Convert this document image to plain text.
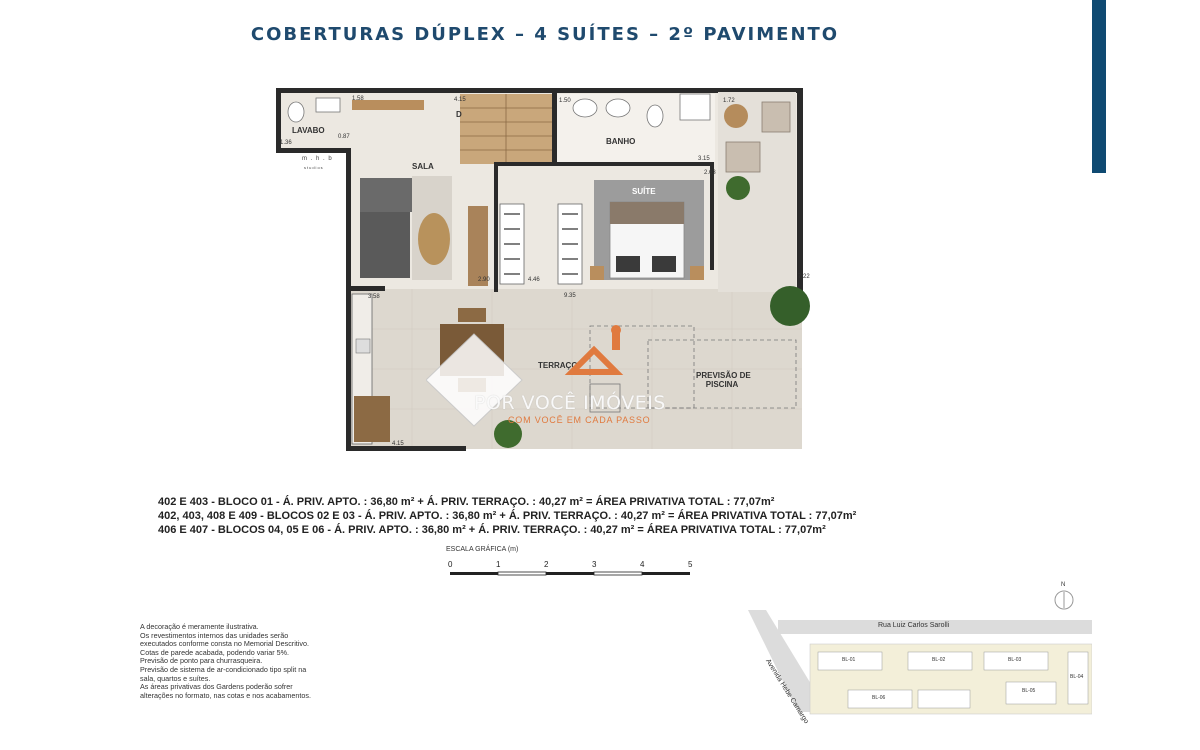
COBERTURAS DÚPLEX – 4 SUÍTES – 2º PAVIMENTO
LAVABO
SALA
BANHO
SUÍTE
TERRAÇO
PREVISÃO DE
PISCINA
D
m . h . b
studios
4.15
1.58
1.36
0.87
1.50	1.72
3.15
2.63
2.90	4.46
9.35
7.22
3.58
4.15
POR VOCÊ IMÓVEIS
COM VOCÊ EM CADA PASSO
402 E 403 - BLOCO 01 - Á. PRIV. APTO. : 36,80 m² + Á. PRIV. TERRAÇO. : 40,27 m² = ÁREA PRIVATIVA TOTAL : 77,07m²
402, 403, 408 E 409 - BLOCOS 02 E 03 - Á. PRIV. APTO. : 36,80 m² + Á. PRIV. TERRAÇO. : 40,27 m² = ÁREA PRIVATIVA TOTAL : 77,07m²
406 E 407 - BLOCOS 04, 05 E 06 - Á. PRIV. APTO. : 36,80 m² + Á. PRIV. TERRAÇO. : 40,27 m² = ÁREA PRIVATIVA TOTAL : 77,07m²
ESCALA GRÁFICA (m)
0	1	2	3	4	5
A decoração é meramente ilustrativa.
Os revestimentos internos das unidades serão
executados conforme consta no Memorial Descritivo.
Cotas de parede acabada, podendo variar 5%.
Previsão de ponto para churrasqueira.
Previsão de sistema de ar-condicionado tipo split na
sala, quartos e suítes.
As áreas privativas dos Gardens poderão sofrer
alterações no formato, nas cotas e nos acabamentos.
Rua Luiz Carlos Sarolli
Avenida Hebe Camargo
N
BL-01	BL-02	BL-03
BL-04
BL-05
BL-06
